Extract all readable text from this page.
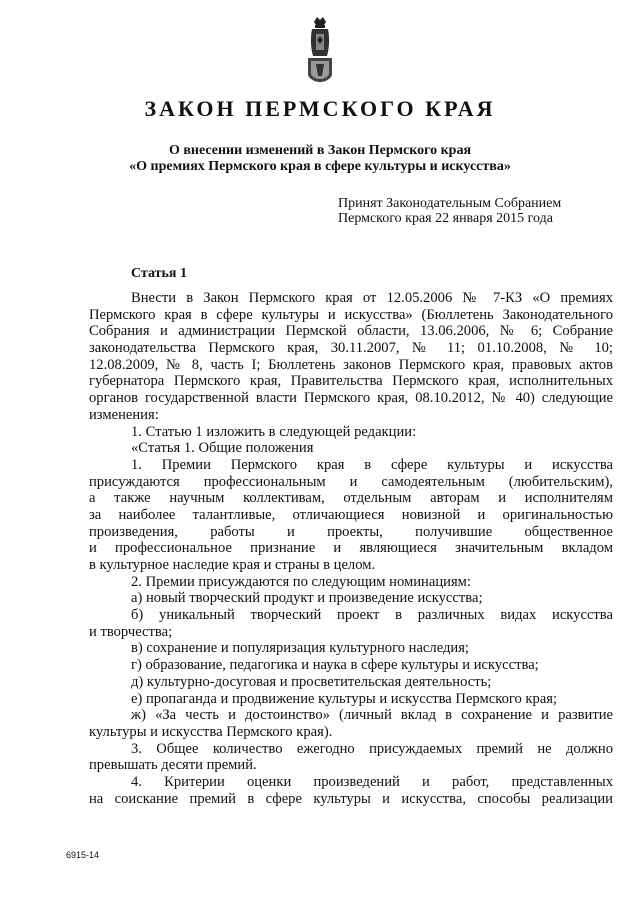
ЗАКОН ПЕРМСКОГО КРАЯ
О внесении изменений в Закон Пермского края
«О премиях Пермского края в сфере культуры и искусства»
Принят Законодательным Собранием
Пермского края 22 января 2015 года
Статья 1
Внести в Закон Пермского края от 12.05.2006 № 7-КЗ «О премиях
Пермского края в сфере культуры и искусства» (Бюллетень Законодательного
Собрания и администрации Пермской области, 13.06.2006, № 6; Собрание
законодательства Пермского края, 30.11.2007, № 11; 01.10.2008, № 10;
12.08.2009, № 8, часть I; Бюллетень законов Пермского края, правовых актов
губернатора Пермского края, Правительства Пермского края, исполнительных
органов государственной власти Пермского края, 08.10.2012, № 40) следующие
изменения:
1. Статью 1 изложить в следующей редакции:
«Статья 1. Общие положения
1. Премии Пермского края в сфере культуры и искусства
присуждаются профессиональным и самодеятельным (любительским),
а также научным коллективам, отдельным авторам и исполнителям
за наиболее талантливые, отличающиеся новизной и оригинальностью
произведения, работы и проекты, получившие общественное
и профессиональное признание и являющиеся значительным вкладом
в культурное наследие края и страны в целом.
2. Премии присуждаются по следующим номинациям:
а) новый творческий продукт и произведение искусства;
б) уникальный творческий проект в различных видах искусства
и творчества;
в) сохранение и популяризация культурного наследия;
г) образование, педагогика и наука в сфере культуры и искусства;
д) культурно-досуговая и просветительская деятельность;
е) пропаганда и продвижение культуры и искусства Пермского края;
ж) «За честь и достоинство» (личный вклад в сохранение и развитие
культуры и искусства Пермского края).
3. Общее количество ежегодно присуждаемых премий не должно
превышать десяти премий.
4. Критерии оценки произведений и работ, представленных
на соискание премий в сфере культуры и искусства, способы реализации
6915-14
